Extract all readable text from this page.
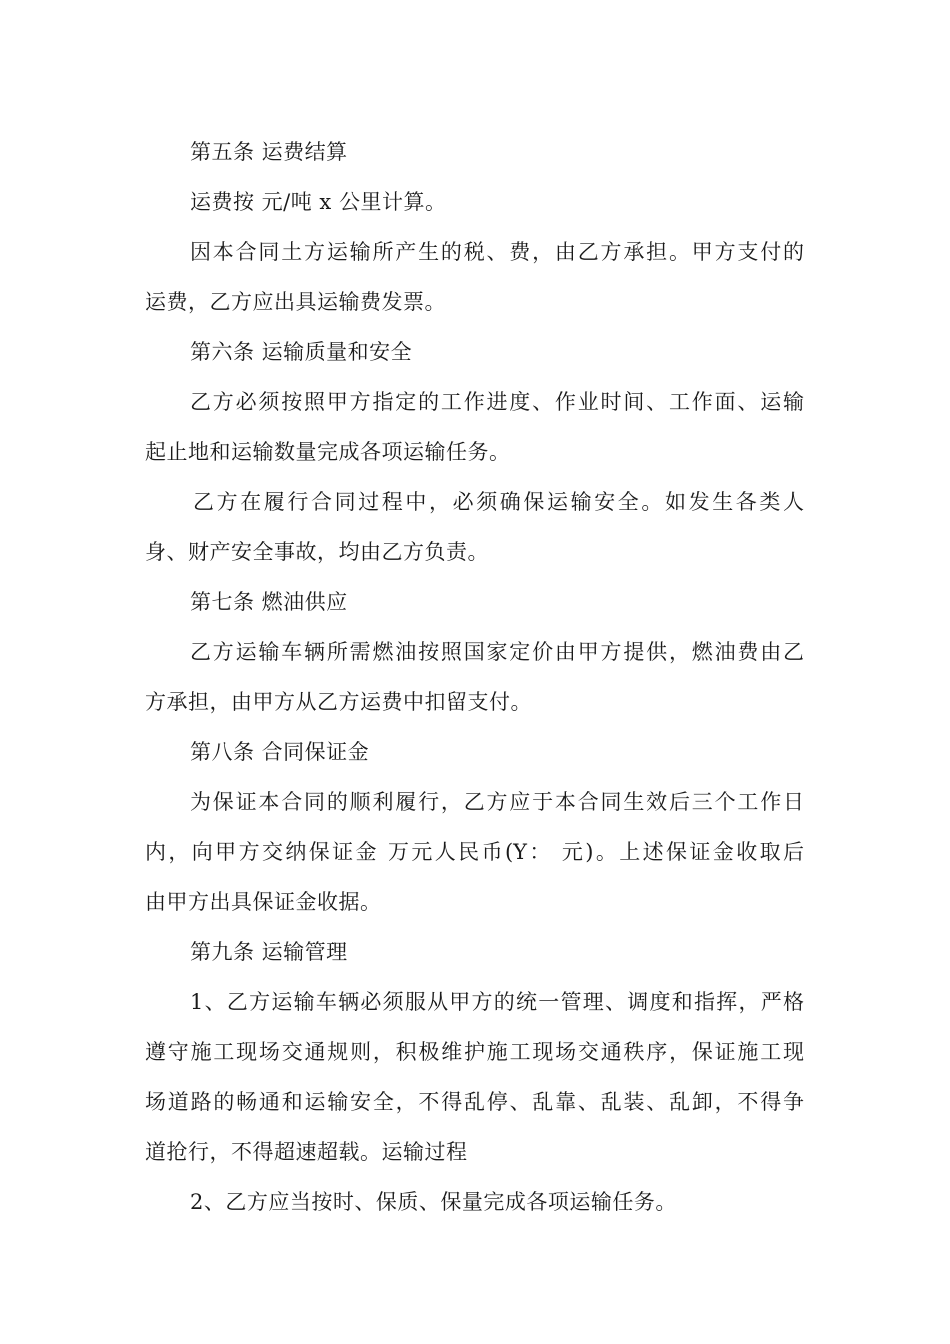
第五条 运费结算
运费按 元/吨 x 公里计算。
因本合同土方运输所产生的税、费，由乙方承担。甲方支付的
运费，乙方应出具运输费发票。
第六条 运输质量和安全
乙方必须按照甲方指定的工作进度、作业时间、工作面、运输
起止地和运输数量完成各项运输任务。
乙方在履行合同过程中，必须确保运输安全。如发生各类人
身、财产安全事故，均由乙方负责。
第七条 燃油供应
乙方运输车辆所需燃油按照国家定价由甲方提供，燃油费由乙
方承担，由甲方从乙方运费中扣留支付。
第八条 合同保证金
为保证本合同的顺利履行，乙方应于本合同生效后三个工作日
内，向甲方交纳保证金 万元人民币(Y： 元)。上述保证金收取后
由甲方出具保证金收据。
第九条 运输管理
1、乙方运输车辆必须服从甲方的统一管理、调度和指挥，严格
遵守施工现场交通规则，积极维护施工现场交通秩序，保证施工现
场道路的畅通和运输安全，不得乱停、乱靠、乱装、乱卸，不得争
道抢行，不得超速超载。运输过程
2、乙方应当按时、保质、保量完成各项运输任务。
